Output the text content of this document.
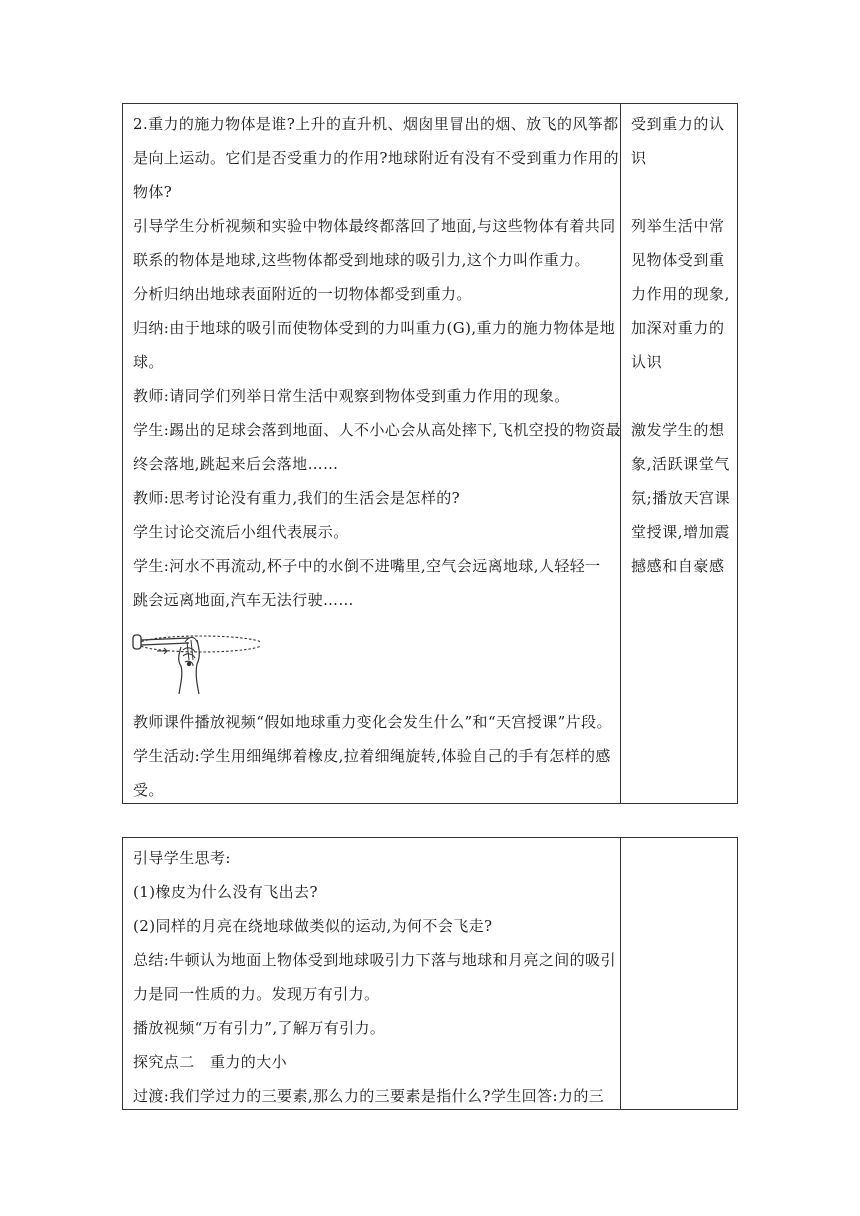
2.重力的施力物体是谁?上升的直升机、烟囱里冒出的烟、放飞的风筝都
是向上运动。它们是否受重力的作用?地球附近有没有不受到重力作用的
物体?
引导学生分析视频和实验中物体最终都落回了地面,与这些物体有着共同
联系的物体是地球,这些物体都受到地球的吸引力,这个力叫作重力。
分析归纳出地球表面附近的一切物体都受到重力。
归纳:由于地球的吸引而使物体受到的力叫重力(G),重力的施力物体是地
球。
教师:请同学们列举日常生活中观察到物体受到重力作用的现象。
学生:踢出的足球会落到地面、人不小心会从高处摔下,飞机空投的物资最
终会落地,跳起来后会落地……
教师:思考讨论没有重力,我们的生活会是怎样的?
学生讨论交流后小组代表展示。
学生:河水不再流动,杯子中的水倒不进嘴里,空气会远离地球,人轻轻一
跳会远离地面,汽车无法行驶……
教师课件播放视频“假如地球重力变化会发生什么”和“天宫授课”片段。
学生活动:学生用细绳绑着橡皮,拉着细绳旋转,体验自己的手有怎样的感
受。
受到重力的认
识
列举生活中常
见物体受到重
力作用的现象,
加深对重力的
认识
激发学生的想
象,活跃课堂气
氛;播放天宫课
堂授课,增加震
撼感和自豪感
引导学生思考:
(1)橡皮为什么没有飞出去?
(2)同样的月亮在绕地球做类似的运动,为何不会飞走?
总结:牛顿认为地面上物体受到地球吸引力下落与地球和月亮之间的吸引
力是同一性质的力。发现万有引力。
播放视频“万有引力”,了解万有引力。
探究点二　重力的大小
过渡:我们学过力的三要素,那么力的三要素是指什么?学生回答:力的三
